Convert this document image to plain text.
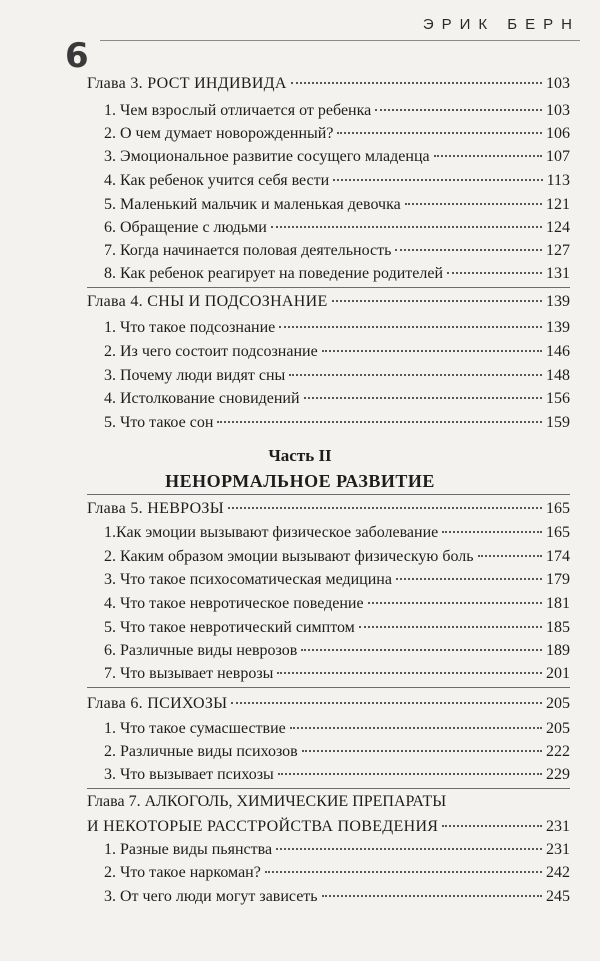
6
ЭРИК БЕРН
Глава 3. РОСТ ИНДИВИДА	103
1. Чем взрослый отличается от ребенка	103
2. О чем думает новорожденный?	106
3. Эмоциональное развитие сосущего младенца	107
4. Как ребенок учится себя вести	113
5. Маленький мальчик и маленькая девочка	121
6. Обращение с людьми	124
7. Когда начинается половая деятельность	127
8. Как ребенок реагирует на поведение родителей	131
Глава 4. СНЫ И ПОДСОЗНАНИЕ	139
1. Что такое подсознание	139
2. Из чего состоит подсознание	146
3. Почему люди видят сны	148
4. Истолкование сновидений	156
5. Что такое сон	159
Часть II
НЕНОРМАЛЬНОЕ РАЗВИТИЕ
Глава 5. НЕВРОЗЫ	165
1.Как эмоции вызывают физическое заболевание	165
2. Каким образом эмоции вызывают физическую боль	174
3. Что такое психосоматическая медицина	179
4. Что такое невротическое поведение	181
5. Что такое невротический симптом	185
6. Различные виды неврозов	189
7. Что вызывает неврозы	201
Глава 6. ПСИХОЗЫ	205
1. Что такое сумасшествие	205
2. Различные виды психозов	222
3. Что вызывает психозы	229
Глава 7. АЛКОГОЛЬ, ХИМИЧЕСКИЕ ПРЕПАРАТЫ
И НЕКОТОРЫЕ РАССТРОЙСТВА ПОВЕДЕНИЯ	231
1. Разные виды пьянства	231
2. Что такое наркоман?	242
3. От чего люди могут зависеть	245
